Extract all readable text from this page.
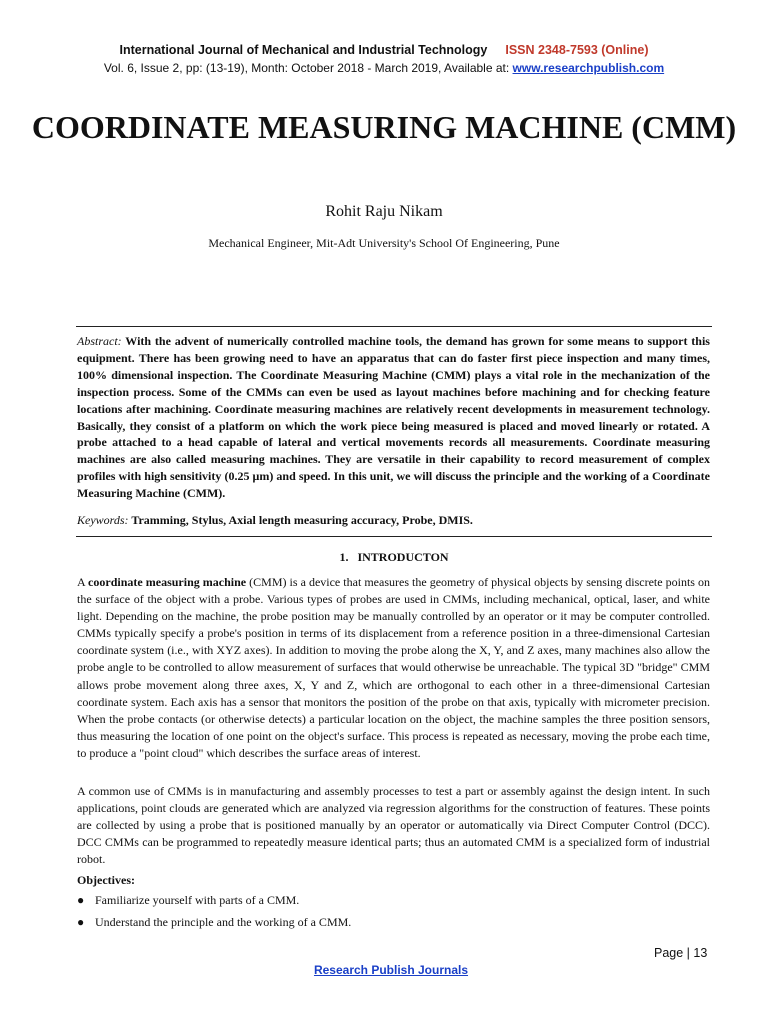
International Journal of Mechanical and Industrial Technology ISSN 2348-7593 (Online)
Vol. 6, Issue 2, pp: (13-19), Month: October 2018 - March 2019, Available at: www.researchpublish.com
COORDINATE MEASURING MACHINE (CMM)
Rohit Raju Nikam
Mechanical Engineer, Mit-Adt University's School Of Engineering, Pune
Abstract: With the advent of numerically controlled machine tools, the demand has grown for some means to support this equipment. There has been growing need to have an apparatus that can do faster first piece inspection and many times, 100% dimensional inspection. The Coordinate Measuring Machine (CMM) plays a vital role in the mechanization of the inspection process. Some of the CMMs can even be used as layout machines before machining and for checking feature locations after machining. Coordinate measuring machines are relatively recent developments in measurement technology. Basically, they consist of a platform on which the work piece being measured is placed and moved linearly or rotated. A probe attached to a head capable of lateral and vertical movements records all measurements. Coordinate measuring machines are also called measuring machines. They are versatile in their capability to record measurement of complex profiles with high sensitivity (0.25 μm) and speed. In this unit, we will discuss the principle and the working of a Coordinate Measuring Machine (CMM).
Keywords: Tramming, Stylus, Axial length measuring accuracy, Probe, DMIS.
1.   INTRODUCTON

A coordinate measuring machine (CMM) is a device that measures the geometry of physical objects by sensing discrete points on the surface of the object with a probe. Various types of probes are used in CMMs, including mechanical, optical, laser, and white light. Depending on the machine, the probe position may be manually controlled by an operator or it may be computer controlled. CMMs typically specify a probe's position in terms of its displacement from a reference position in a three-dimensional Cartesian coordinate system (i.e., with XYZ axes). In addition to moving the probe along the X, Y, and Z axes, many machines also allow the probe angle to be controlled to allow measurement of surfaces that would otherwise be unreachable. The typical 3D "bridge" CMM allows probe movement along three axes, X, Y and Z, which are orthogonal to each other in a three-dimensional Cartesian coordinate system. Each axis has a sensor that monitors the position of the probe on that axis, typically with micrometer precision. When the probe contacts (or otherwise detects) a particular location on the object, the machine samples the three position sensors, thus measuring the location of one point on the object's surface. This process is repeated as necessary, moving the probe each time, to produce a "point cloud" which describes the surface areas of interest.

A common use of CMMs is in manufacturing and assembly processes to test a part or assembly against the design intent. In such applications, point clouds are generated which are analyzed via regression algorithms for the construction of features. These points are collected by using a probe that is positioned manually by an operator or automatically via Direct Computer Control (DCC). DCC CMMs can be programmed to repeatedly measure identical parts; thus an automated CMM is a specialized form of industrial robot.

Objectives:
● Familiarize yourself with parts of a CMM.
● Understand the principle and the working of a CMM.
Page | 13
Research Publish Journals
